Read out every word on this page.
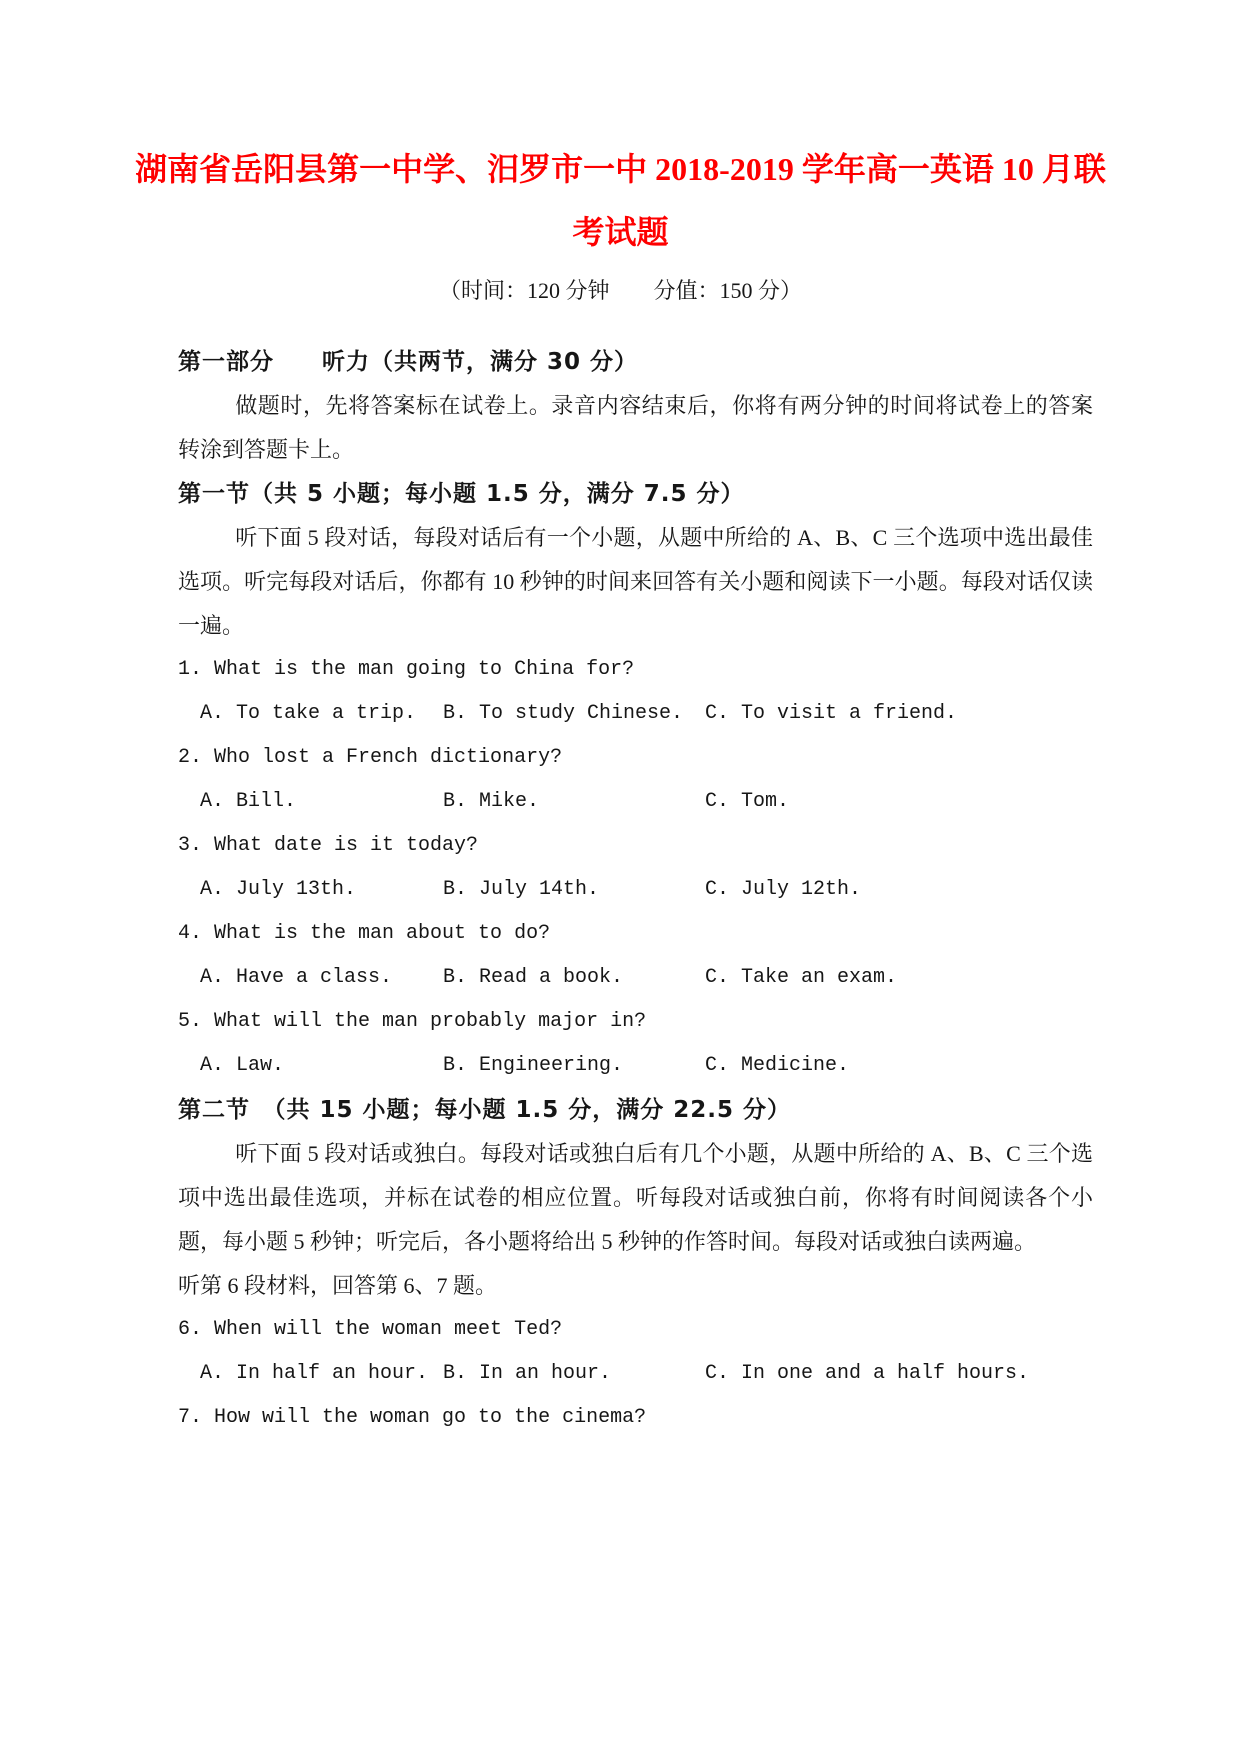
湖南省岳阳县第一中学、汨罗市一中 2018-2019 学年高一英语 10 月联
考试题
（时间：120 分钟　　分值：150 分）
第一部分　　听力（共两节，满分 30 分）
做题时，先将答案标在试卷上。录音内容结束后，你将有两分钟的时间将试卷上的答案转涂到答题卡上。
第一节（共 5 小题；每小题 1.5 分，满分 7.5 分）
听下面 5 段对话，每段对话后有一个小题，从题中所给的 A、B、C 三个选项中选出最佳选项。听完每段对话后，你都有 10 秒钟的时间来回答有关小题和阅读下一小题。每段对话仅读一遍。
1. What is the man going to China for?
A. To take a trip.	B. To study Chinese.	C. To visit a friend.
2. Who lost a French dictionary?
A. Bill.	B. Mike.	C. Tom.
3. What date is it today?
A. July 13th.	B. July 14th.	C. July 12th.
4. What is the man about to do?
A. Have a class.	B. Read a book.	C. Take an exam.
5. What will the man probably major in?
A. Law.	B. Engineering.	C. Medicine.
第二节　（共 15 小题；每小题 1.5 分，满分 22.5 分）
听下面 5 段对话或独白。每段对话或独白后有几个小题，从题中所给的 A、B、C 三个选项中选出最佳选项，并标在试卷的相应位置。听每段对话或独白前，你将有时间阅读各个小题，每小题 5 秒钟；听完后，各小题将给出 5 秒钟的作答时间。每段对话或独白读两遍。
听第 6 段材料，回答第 6、7 题。
6. When will the woman meet Ted?
A. In half an hour. B. In an hour.	C. In one and a half hours.
7. How will the woman go to the cinema?
